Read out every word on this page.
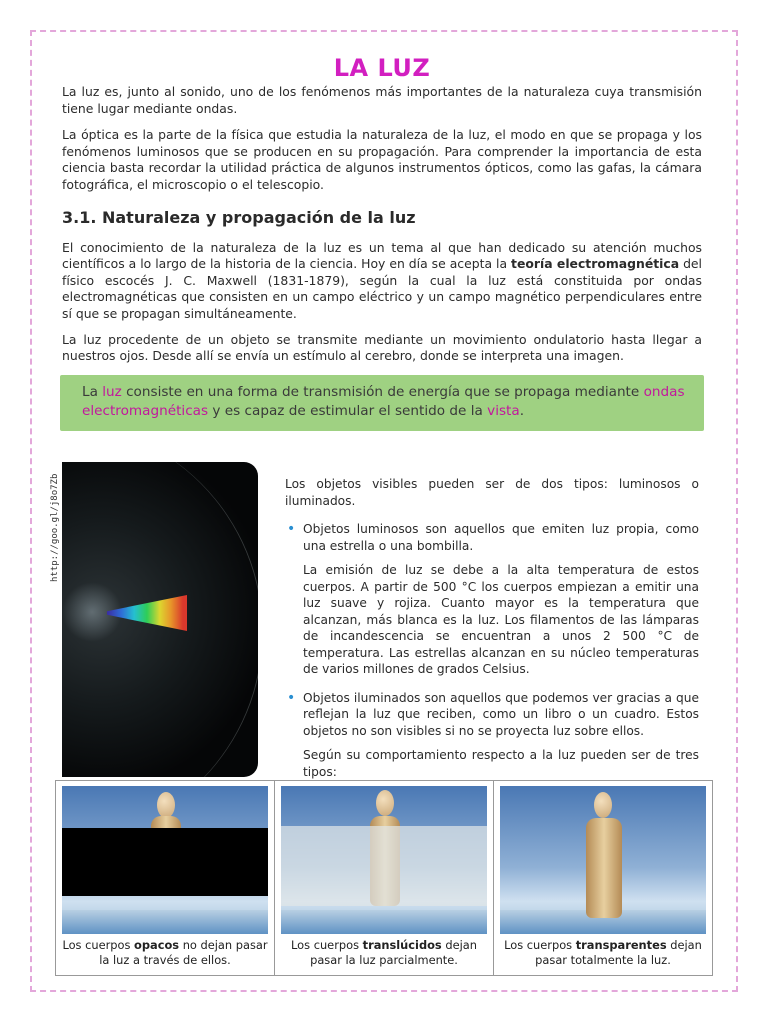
LA LUZ

La luz es, junto al sonido, uno de los fenómenos más importantes de la naturaleza cuya transmisión tiene lugar mediante ondas.

La óptica es la parte de la física que estudia la naturaleza de la luz, el modo en que se propaga y los fenómenos luminosos que se producen en su propagación. Para comprender la importancia de esta ciencia basta recordar la utilidad práctica de algunos instrumentos ópticos, como las gafas, la cámara fotográfica, el microscopio o el telescopio.

3.1. Naturaleza y propagación de la luz

El conocimiento de la naturaleza de la luz es un tema al que han dedicado su atención muchos científicos a lo largo de la historia de la ciencia. Hoy en día se acepta la teoría electromagnética del físico escocés J. C. Maxwell (1831-1879), según la cual la luz está constituida por ondas electromagnéticas que consisten en un campo eléctrico y un campo magnético perpendiculares entre sí que se propagan simultáneamente.

La luz procedente de un objeto se transmite mediante un movimiento ondulatorio hasta llegar a nuestros ojos. Desde allí se envía un estímulo al cerebro, donde se interpreta una imagen.

La luz consiste en una forma de transmisión de energía que se propaga mediante ondas electromagnéticas y es capaz de estimular el sentido de la vista.
http://goo.gl/j8o7Zb	Los objetos visibles pueden ser de dos tipos: luminosos o iluminados.

• Objetos luminosos son aquellos que emiten luz propia, como una estrella o una bombilla.

La emisión de luz se debe a la alta temperatura de estos cuerpos. A partir de 500 °C los cuerpos empiezan a emitir una luz suave y rojiza. Cuanto mayor es la temperatura que alcanzan, más blanca es la luz. Los filamentos de las lámparas de incandescencia se encuentran a unos 2 500 °C de temperatura. Las estrellas alcanzan en su núcleo temperaturas de varios millones de grados Celsius.

• Objetos iluminados son aquellos que podemos ver gracias a que reflejan la luz que reciben, como un libro o un cuadro. Estos objetos no son visibles si no se proyecta luz sobre ellos.

Según su comportamiento respecto a la luz pueden ser de tres tipos:

Los cuerpos opacos no dejan pasar la luz a través de ellos.
Los cuerpos translúcidos dejan pasar la luz parcialmente.
Los cuerpos transparentes dejan pasar totalmente la luz.
